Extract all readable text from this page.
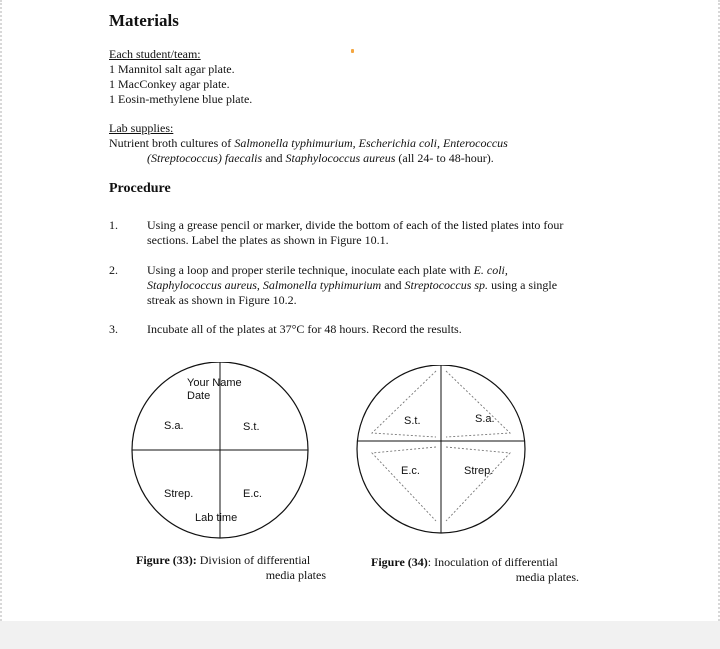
Materials
Each student/team:
1 Mannitol salt agar plate.
1 MacConkey agar plate.
1 Eosin-methylene blue plate.
Lab supplies:
Nutrient broth cultures of Salmonella typhimurium, Escherichia coli, Enterococcus
(Streptococcus) faecalis and Staphylococcus aureus (all 24- to 48-hour).
Procedure
1. Using a grease pencil or marker, divide the bottom of each of the listed plates into four
sections. Label the plates as shown in Figure 10.1.
2. Using a loop and proper sterile technique, inoculate each plate with E. coli,
Staphylococcus aureus, Salmonella typhimurium and Streptococcus sp. using a single
streak as shown in Figure 10.2.
3. Incubate all of the plates at 37°C for 48 hours. Record the results.
Your Name
Date
S.a.	S.t.
Strep.	E.c.
Lab time
S.t.	S.a.
E.c.	Strep.
Figure (33): Division of differential
media plates
Figure (34): Inoculation of differential
media plates.
